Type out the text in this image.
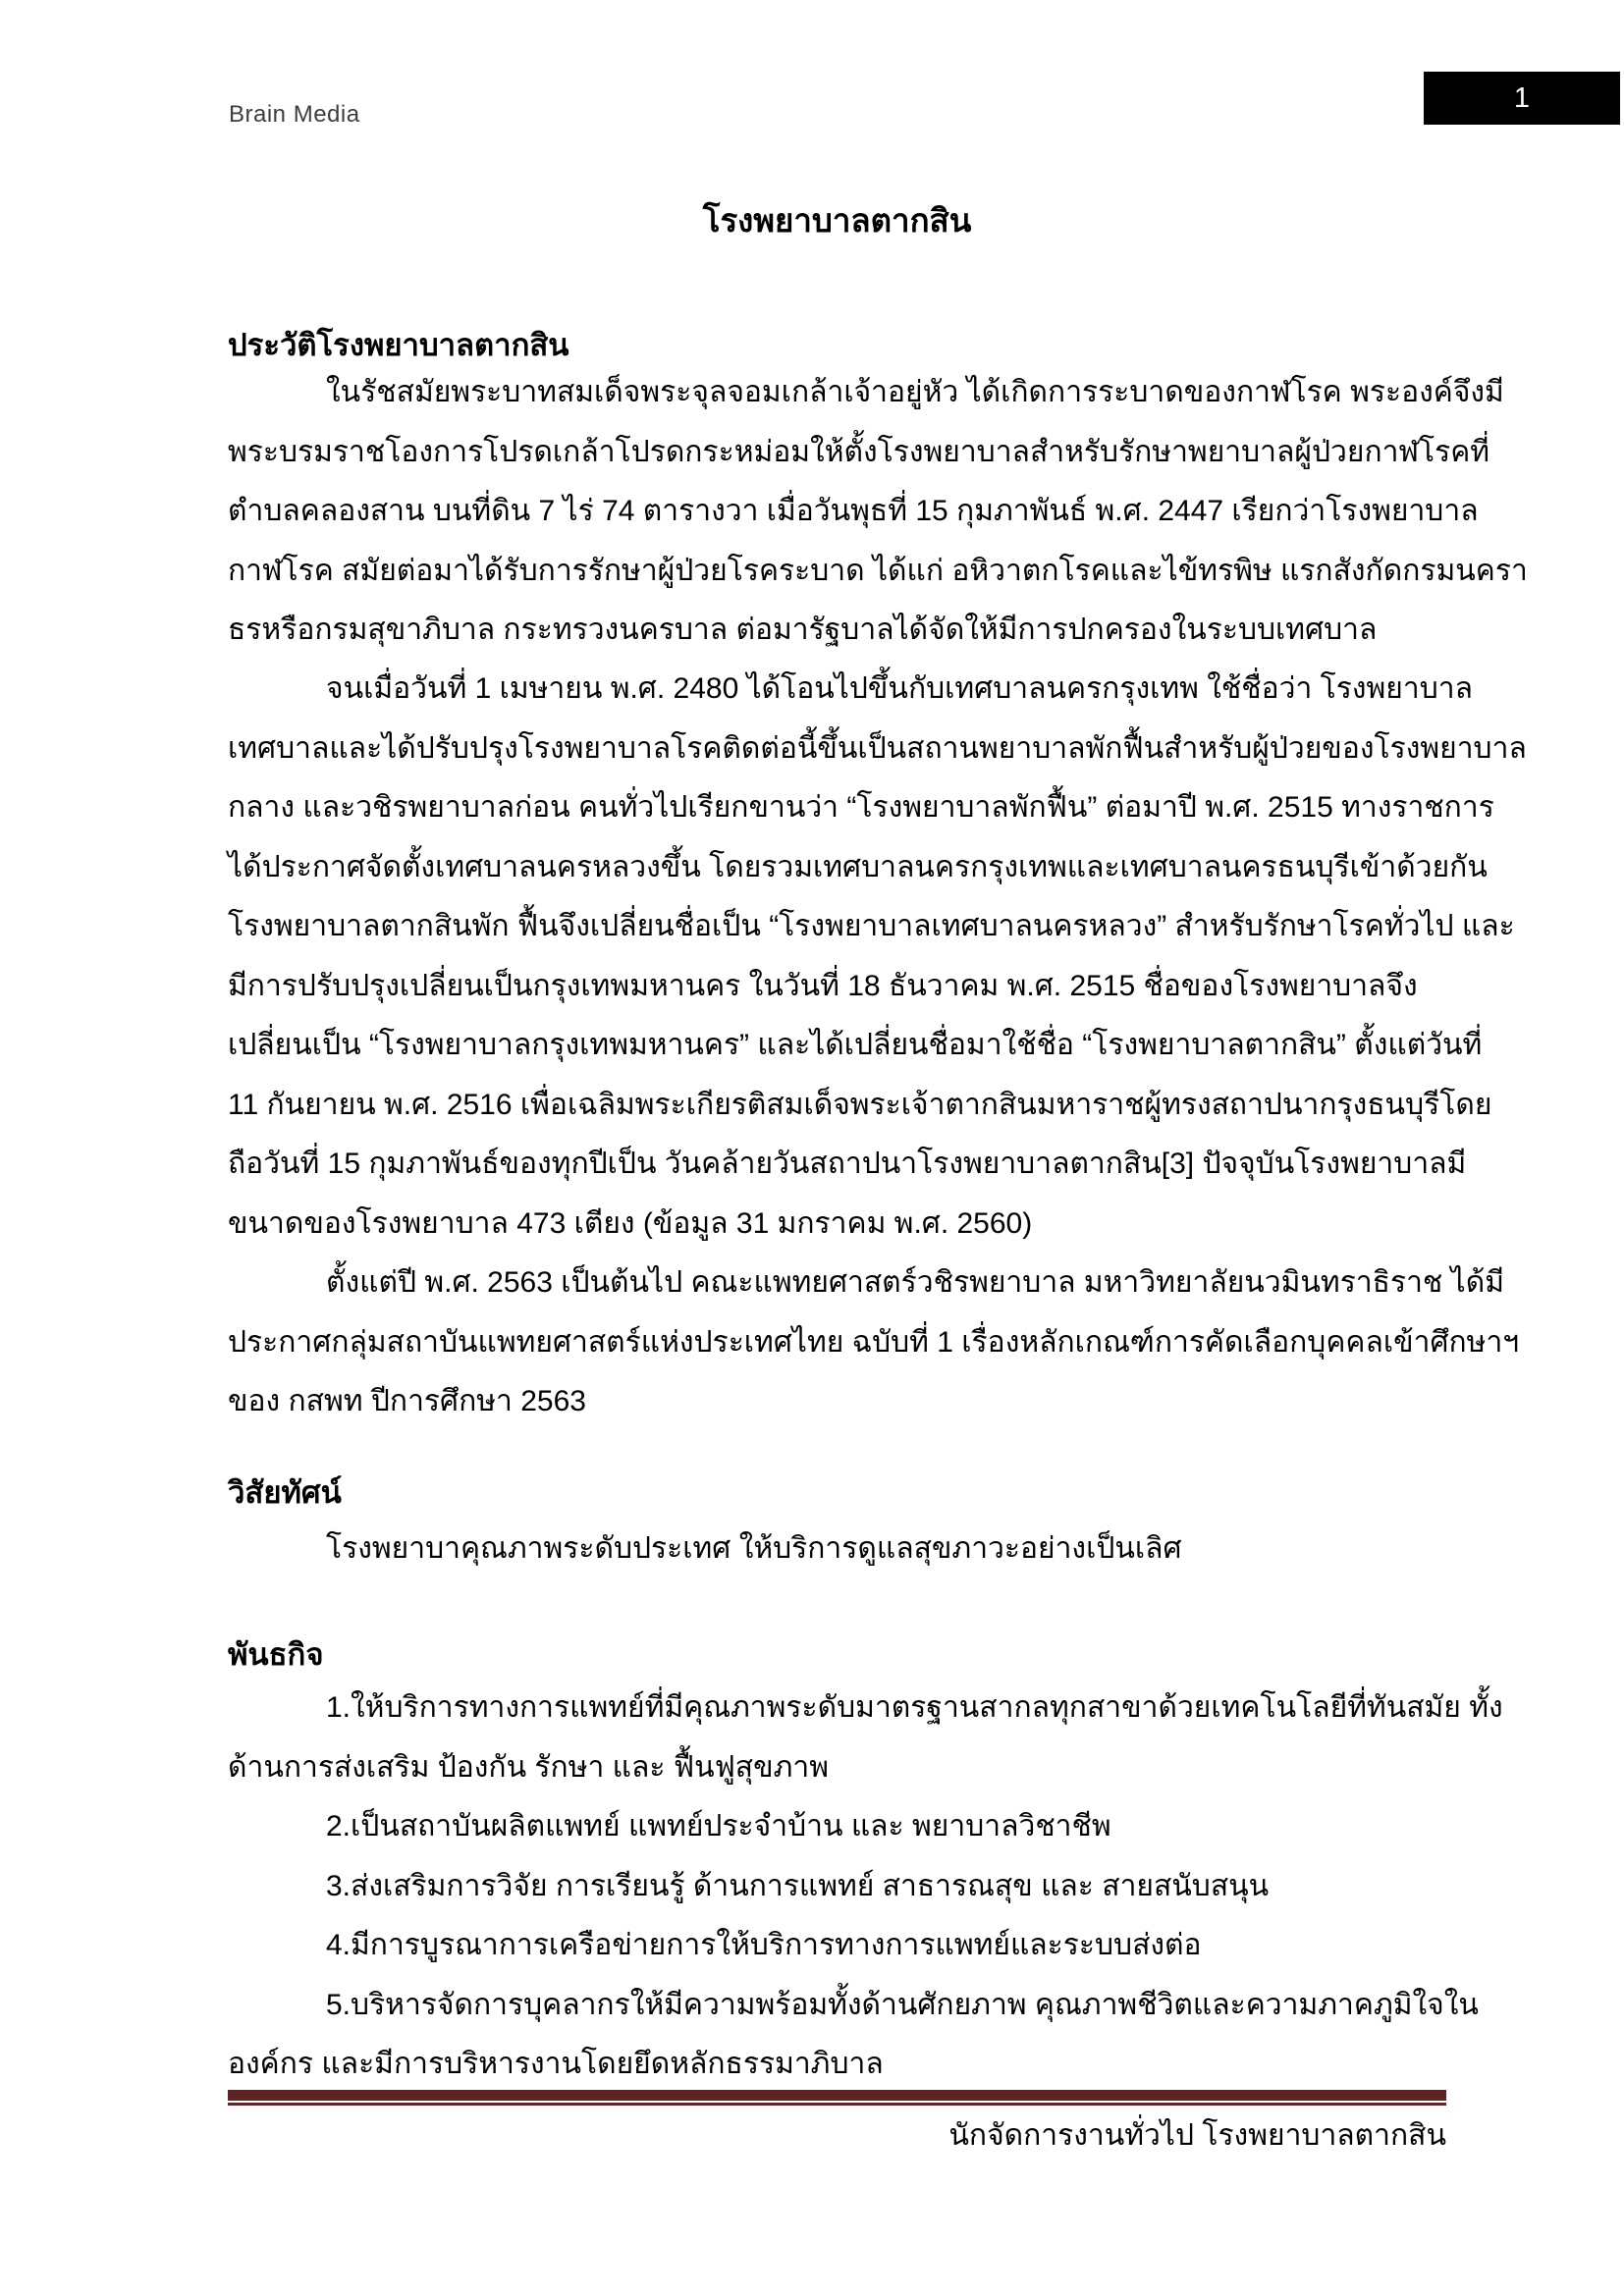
Brain Media
1
โรงพยาบาลตากสิน
ประวัติโรงพยาบาลตากสิน
ในรัชสมัยพระบาทสมเด็จพระจุลจอมเกล้าเจ้าอยู่หัว ได้เกิดการระบาดของกาฬโรค พระองค์จึงมี
พระบรมราชโองการโปรดเกล้าโปรดกระหม่อมให้ตั้งโรงพยาบาลสำหรับรักษาพยาบาลผู้ป่วยกาฬโรคที่
ตำบลคลองสาน บนที่ดิน 7 ไร่ 74 ตารางวา เมื่อวันพุธที่ 15 กุมภาพันธ์ พ.ศ. 2447 เรียกว่าโรงพยาบาล
กาฬโรค สมัยต่อมาได้รับการรักษาผู้ป่วยโรคระบาด ได้แก่ อหิวาตกโรคและไข้ทรพิษ แรกสังกัดกรมนครา
ธรหรือกรมสุขาภิบาล กระทรวงนครบาล ต่อมารัฐบาลได้จัดให้มีการปกครองในระบบเทศบาล
จนเมื่อวันที่ 1 เมษายน พ.ศ. 2480 ได้โอนไปขึ้นกับเทศบาลนครกรุงเทพ ใช้ชื่อว่า โรงพยาบาล
เทศบาลและได้ปรับปรุงโรงพยาบาลโรคติดต่อนี้ขึ้นเป็นสถานพยาบาลพักฟื้นสำหรับผู้ป่วยของโรงพยาบาล
กลาง และวชิรพยาบาลก่อน คนทั่วไปเรียกขานว่า “โรงพยาบาลพักฟื้น” ต่อมาปี พ.ศ. 2515 ทางราชการ
ได้ประกาศจัดตั้งเทศบาลนครหลวงขึ้น โดยรวมเทศบาลนครกรุงเทพและเทศบาลนครธนบุรีเข้าด้วยกัน
โรงพยาบาลตากสินพัก ฟื้นจึงเปลี่ยนชื่อเป็น “โรงพยาบาลเทศบาลนครหลวง” สำหรับรักษาโรคทั่วไป และ
มีการปรับปรุงเปลี่ยนเป็นกรุงเทพมหานคร ในวันที่ 18 ธันวาคม พ.ศ. 2515 ชื่อของโรงพยาบาลจึง
เปลี่ยนเป็น “โรงพยาบาลกรุงเทพมหานคร” และได้เปลี่ยนชื่อมาใช้ชื่อ “โรงพยาบาลตากสิน” ตั้งแต่วันที่
11 กันยายน พ.ศ. 2516 เพื่อเฉลิมพระเกียรติสมเด็จพระเจ้าตากสินมหาราชผู้ทรงสถาปนากรุงธนบุรีโดย
ถือวันที่ 15 กุมภาพันธ์ของทุกปีเป็น วันคล้ายวันสถาปนาโรงพยาบาลตากสิน[3] ปัจจุบันโรงพยาบาลมี
ขนาดของโรงพยาบาล 473 เตียง (ข้อมูล 31 มกราคม พ.ศ. 2560)
ตั้งแต่ปี พ.ศ. 2563 เป็นต้นไป คณะแพทยศาสตร์วชิรพยาบาล มหาวิทยาลัยนวมินทราธิราช ได้มี
ประกาศกลุ่มสถาบันแพทยศาสตร์แห่งประเทศไทย ฉบับที่ 1 เรื่องหลักเกณฑ์การคัดเลือกบุคคลเข้าศึกษาฯ
ของ กสพท ปีการศึกษา 2563
วิสัยทัศน์
โรงพยาบาคุณภาพระดับประเทศ ให้บริการดูแลสุขภาวะอย่างเป็นเลิศ
พันธกิจ
1.ให้บริการทางการแพทย์ที่มีคุณภาพระดับมาตรฐานสากลทุกสาขาด้วยเทคโนโลยีที่ทันสมัย ทั้ง
ด้านการส่งเสริม ป้องกัน รักษา และ ฟื้นฟูสุขภาพ
2.เป็นสถาบันผลิตแพทย์ แพทย์ประจำบ้าน และ พยาบาลวิชาชีพ
3.ส่งเสริมการวิจัย การเรียนรู้ ด้านการแพทย์ สาธารณสุข และ สายสนับสนุน
4.มีการบูรณาการเครือข่ายการให้บริการทางการแพทย์และระบบส่งต่อ
5.บริหารจัดการบุคลากรให้มีความพร้อมทั้งด้านศักยภาพ คุณภาพชีวิตและความภาคภูมิใจใน
องค์กร และมีการบริหารงานโดยยึดหลักธรรมาภิบาล
นักจัดการงานทั่วไป โรงพยาบาลตากสิน
